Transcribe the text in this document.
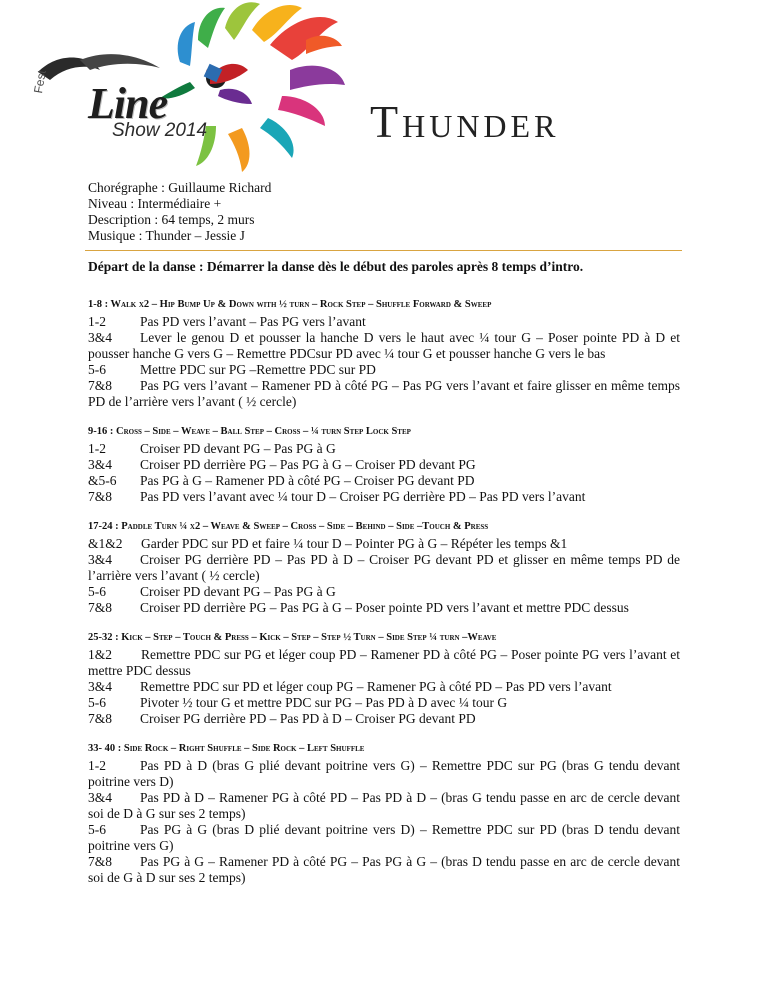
Fest Line
Show 2014	Thunder
Chorégraphe : Guillaume Richard
Niveau : Intermédiaire +
Description : 64 temps, 2 murs
Musique : Thunder – Jessie J
Départ de la danse : Démarrer la danse dès le début des paroles après 8 temps d’intro.
1-8 : Walk x2 – Hip Bump Up & Down with ½ turn – Rock Step – Shuffle Forward & Sweep
1-2	Pas PD vers l’avant – Pas PG vers l’avant
3&4 Lever le genou D et pousser la hanche D vers le haut avec ¼ tour G – Poser pointe PD à D et pousser hanche G vers G – Remettre PDCsur PD avec ¼ tour G et pousser hanche G vers le bas
5-6	Mettre PDC sur PG –Remettre PDC sur PD
7&8 Pas PG vers l’avant – Ramener PD à côté PG – Pas PG vers l’avant et faire glisser en même temps PD de l’arrière vers l’avant ( ½ cercle)
9-16 : Cross – Side – Weave – Ball Step – Cross – ¼ turn Step Lock Step
1-2	Croiser PD devant PG – Pas PG à G
3&4 Croiser PD derrière PG – Pas PG à G – Croiser PD devant PG
&5-6 Pas PG à G – Ramener PD à côté PG – Croiser PG devant PD
7&8 Pas PD vers l’avant avec ¼ tour D – Croiser PG derrière PD – Pas PD vers l’avant
17-24 : Paddle Turn ¼ x2 – Weave & Sweep – Cross – Side – Behind – Side –Touch & Press
&1&2 Garder PDC sur PD et faire ¼ tour D – Pointer PG à G – Répéter les temps &1
3&4 Croiser PG derrière PD – Pas PD à D – Croiser PG devant PD et glisser en même temps PD de l’arrière vers l’avant ( ½ cercle)
5-6	Croiser PD devant PG – Pas PG à G
7&8 Croiser PD derrière PG – Pas PG à G – Poser pointe PD vers l’avant et mettre PDC dessus
25-32 : Kick – Step – Touch & Press – Kick – Step – Step ½ Turn – Side Step ¼ turn –Weave
1&2 Remettre PDC sur PG et léger coup PD – Ramener PD à côté PG – Poser pointe PG vers l’avant et mettre PDC dessus
3&4 Remettre PDC sur PD et léger coup PG – Ramener PG à côté PD – Pas PD vers l’avant
5-6	Pivoter ½ tour G et mettre PDC sur PG – Pas PD à D avec ¼ tour G
7&8 Croiser PG derrière PD – Pas PD à D – Croiser PG devant PD
33- 40 : Side Rock – Right Shuffle – Side Rock – Left Shuffle
1-2	Pas PD à D (bras G plié devant poitrine vers G) – Remettre PDC sur PG (bras G tendu devant poitrine vers D)
3&4 Pas PD à D – Ramener PG à côté PD – Pas PD à D – (bras G tendu passe en arc de cercle devant soi de D à G sur ses 2 temps)
5-6	Pas PG à G (bras D plié devant poitrine vers D) – Remettre PDC sur PD (bras D tendu devant poitrine vers G)
7&8 Pas PG à G – Ramener PD à côté PG – Pas PG à G – (bras D tendu passe en arc de cercle devant soi de G à D sur ses 2 temps)
